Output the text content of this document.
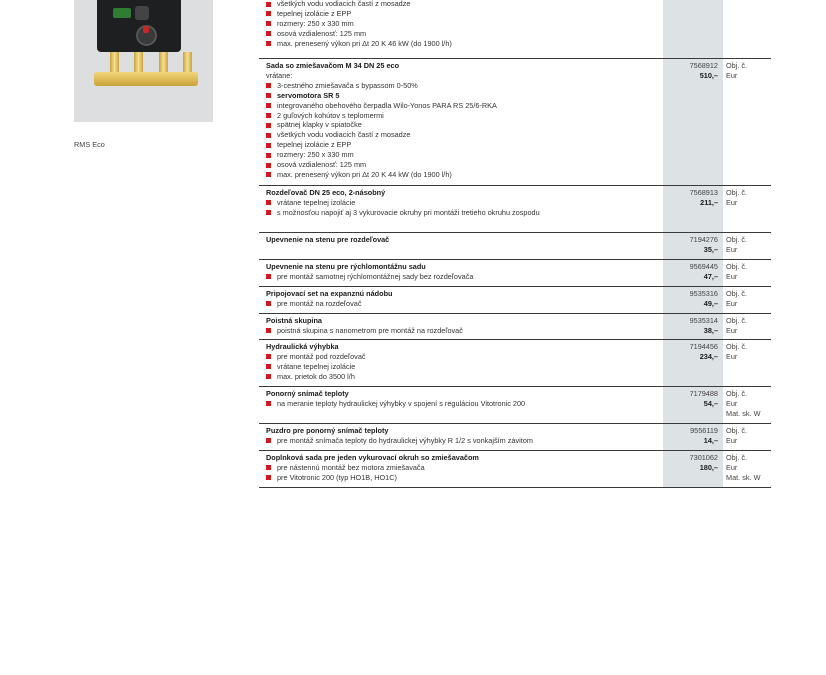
RMS Eco
všetkých vodu vodiacich častí z mosadze
tepelnej izolácie z EPP
rozmery: 250 x 330 mm
osová vzdialenosť: 125 mm
max. prenesený výkon pri Δt 20 K 46 kW (do 1900 l/h)
Sada so zmiešavačom M 34 DN 25 eco
vrátane:
3-cestného zmiešavača s bypassom 0-50%
servomotora SR 5
integrovaného obehového čerpadla Wilo-Yonos PARA RS 25/6-RKA
2 guľových kohútov s teplomermi
spätnej klapky v spiatočke
všetkých vodu vodiacich častí z mosadze
tepelnej izolácie z EPP
rozmery: 250 x 330 mm
osová vzdialenosť: 125 mm
max. prenesený výkon pri Δt 20 K 44 kW (do 1900 l/h)
7568912
510,–
Obj. č.
Eur
Rozdeľovač DN 25 eco, 2-násobný
vrátane tepelnej izolácie
s možnosťou napojiť aj 3 vykurovacie okruhy pri montáži tretieho okruhu zospodu
7568913
211,–
Obj. č.
Eur
Upevnenie na stenu pre rozdeľovač	7194276
35,–
Obj. č.
Eur
Upevnenie na stenu pre rýchlomontážnu sadu
pre montáž samotnej rýchlomontážnej sady bez rozdeľovača
9569445
47,–
Obj. č.
Eur
Pripojovací set na expanznú nádobu
pre montáž na rozdeľovač
9535316
49,–
Obj. č.
Eur
Poistná skupina
poistná skupina s nanometrom pre montáž na rozdeľovač
9535314
38,–
Obj. č.
Eur
Hydraulická výhybka
pre montáž pod rozdeľovač
vrátane tepelnej izolácie
max. prietok do 3500 l/h
7194456
234,–
Obj. č.
Eur
Ponorný snímač teploty
na meranie teploty hydraulickej výhybky v spojení s reguláciou Vitotronic 200
7179488
54,–
Obj. č.
Eur
Mat. sk. W
Puzdro pre ponorný snímač teploty
pre montáž snímača teploty do hydraulickej výhybky R 1/2 s vonkajším závitom
9556119
14,–
Obj. č.
Eur
Doplnková sada pre jeden vykurovací okruh so zmiešavačom
pre nástennú montáž bez motora zmiešavača
pre Vitotronic 200 (typ HO1B, HO1C)
7301062
180,–
Obj. č.
Eur
Mat. sk. W
